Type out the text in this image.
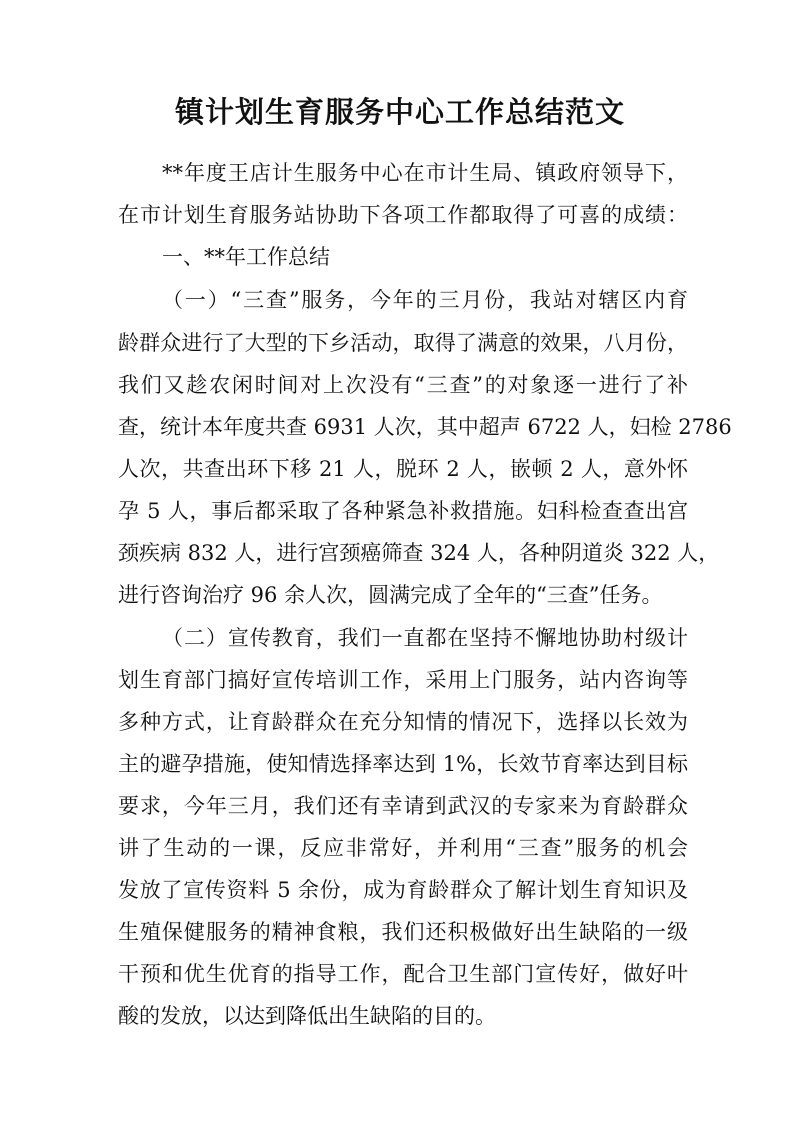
镇计划生育服务中心工作总结范文

**年度王店计生服务中心在市计生局、镇政府领导下，

在市计划生育服务站协助下各项工作都取得了可喜的成绩：

一、**年工作总结

（一）“三查”服务，今年的三月份，我站对辖区内育

龄群众进行了大型的下乡活动，取得了满意的效果，八月份，

我们又趁农闲时间对上次没有“三查”的对象逐一进行了补

查，统计本年度共查 6931 人次，其中超声 6722 人，妇检 2786

人次，共查出环下移 21 人，脱环 2 人，嵌顿 2 人，意外怀

孕 5 人，事后都采取了各种紧急补救措施。妇科检查查出宫

颈疾病 832 人，进行宫颈癌筛查 324 人，各种阴道炎 322 人，

进行咨询治疗 96 余人次，圆满完成了全年的“三查”任务。

（二）宣传教育，我们一直都在坚持不懈地协助村级计

划生育部门搞好宣传培训工作，采用上门服务，站内咨询等

多种方式，让育龄群众在充分知情的情况下，选择以长效为

主的避孕措施，使知情选择率达到 1%，长效节育率达到目标

要求，今年三月，我们还有幸请到武汉的专家来为育龄群众

讲了生动的一课，反应非常好，并利用“三查”服务的机会

发放了宣传资料 5 余份，成为育龄群众了解计划生育知识及

生殖保健服务的精神食粮，我们还积极做好出生缺陷的一级

干预和优生优育的指导工作，配合卫生部门宣传好，做好叶

酸的发放，以达到降低出生缺陷的目的。
